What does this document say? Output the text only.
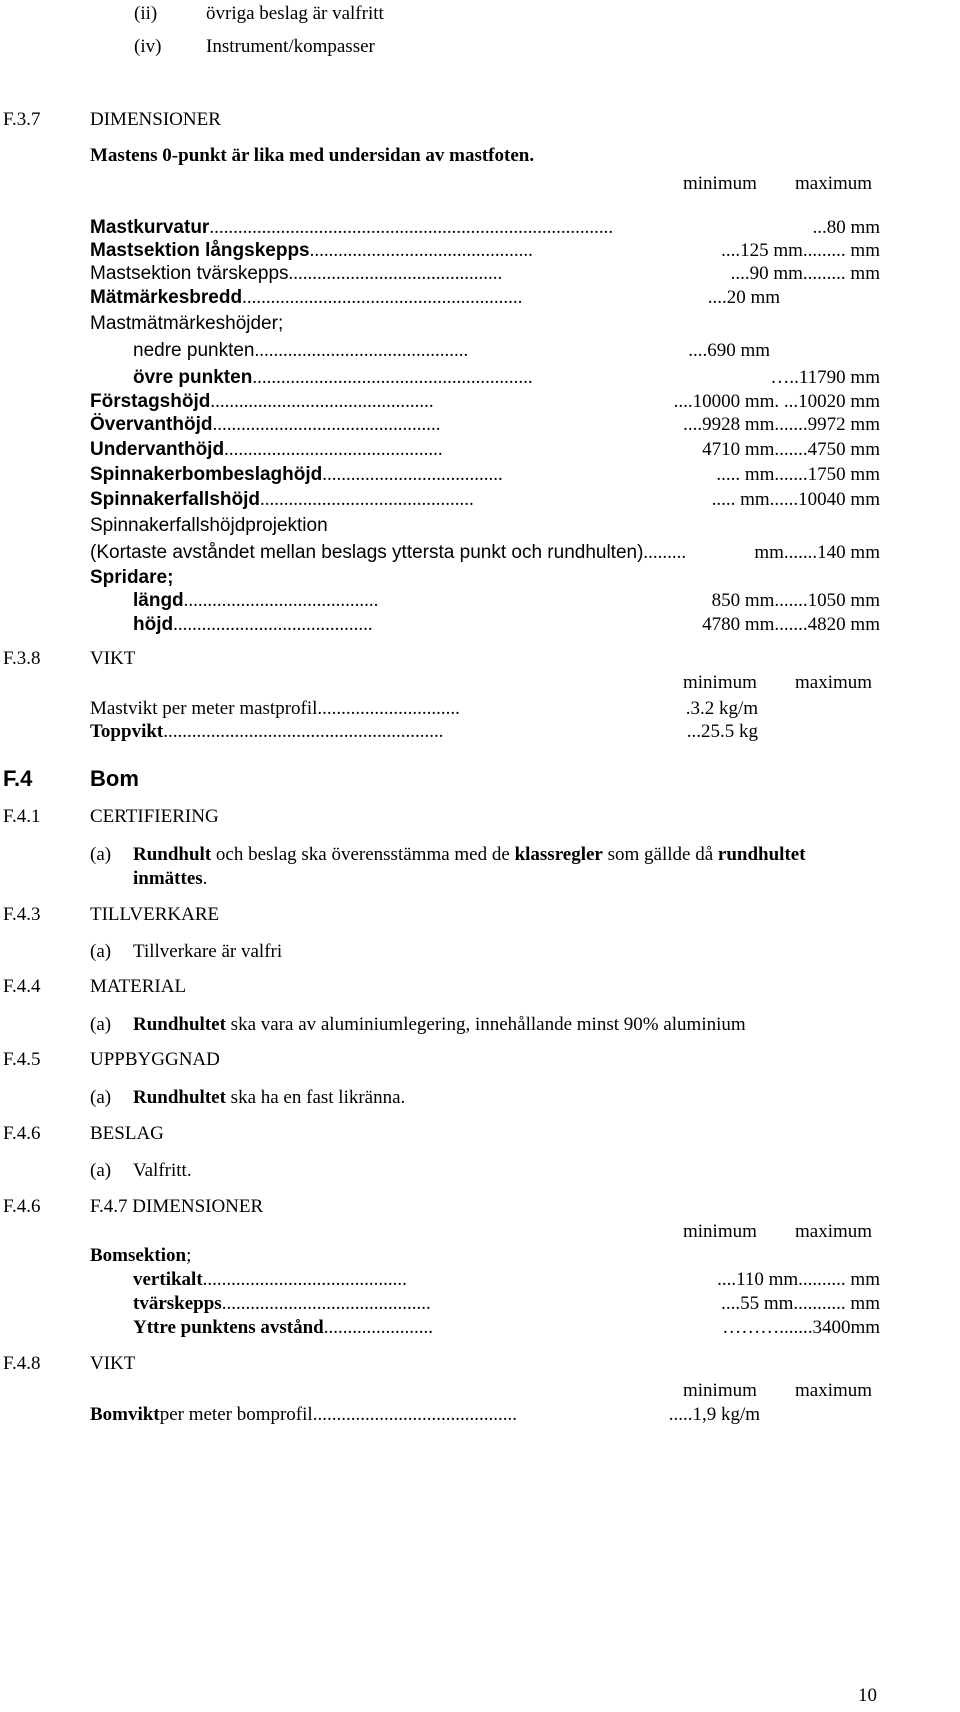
(ii)	övriga beslag är valfritt
(iv) Instrument/kompasser
F.3.7	DIMENSIONER
Mastens 0-punkt är lika med undersidan av mastfoten.
minimum maximum
Mastkurvatur .....................................................................................	...80 mm
Mastsektion långskepps ...............................................	....125 mm......... mm
Mastsektion tvärskepps .............................................	....90 mm......... mm
Mätmärkesbredd ...........................................................	....20 mm
Mastmätmärkeshöjder;
nedre punkten .............................................	....690 mm
övre punkten ...........................................................	…..11790 mm
Förstagshöjd ...............................................	....10000 mm. ...10020 mm
Övervanthöjd ................................................	....9928 mm.......9972 mm
Undervanthöjd ..............................................	4710 mm.......4750 mm
Spinnakerbombeslaghöjd ......................................	..... mm.......1750 mm
Spinnakerfallshöjd .............................................	..... mm......10040 mm
Spinnakerfallshöjdprojektion
(Kortaste avståndet mellan beslags yttersta punkt och rundhulten) .........	mm.......140 mm
Spridare;
längd .........................................	850 mm.......1050 mm
höjd ..........................................	4780 mm.......4820 mm
F.3.8	VIKT
minimum maximum
Mastvikt per meter mastprofil ..............................	.3.2 kg/m
Toppvikt ...........................................................	...25.5 kg
F.4	Bom
F.4.1	CERTIFIERING
(a) Rundhult och beslag ska överensstämma med de klassregler som gällde då rundhultet
inmättes.
F.4.3	TILLVERKARE
(a) Tillverkare är valfri
F.4.4	MATERIAL
(a) Rundhultet ska vara av aluminiumlegering, innehållande minst 90% aluminium
F.4.5	UPPBYGGNAD
(a) Rundhultet ska ha en fast likränna.
F.4.6	BESLAG
(a) Valfritt.
F.4.6	F.4.7 DIMENSIONER
minimum maximum
Bomsektion;
vertikalt ...........................................	....110 mm.......... mm
tvärskepps ............................................	....55 mm........... mm
Yttre punktens avstånd .......................	……….......3400mm
F.4.8	VIKT
minimum maximum
Bomvikt per meter bomprofil ...........................................	.....1,9 kg/m
10
